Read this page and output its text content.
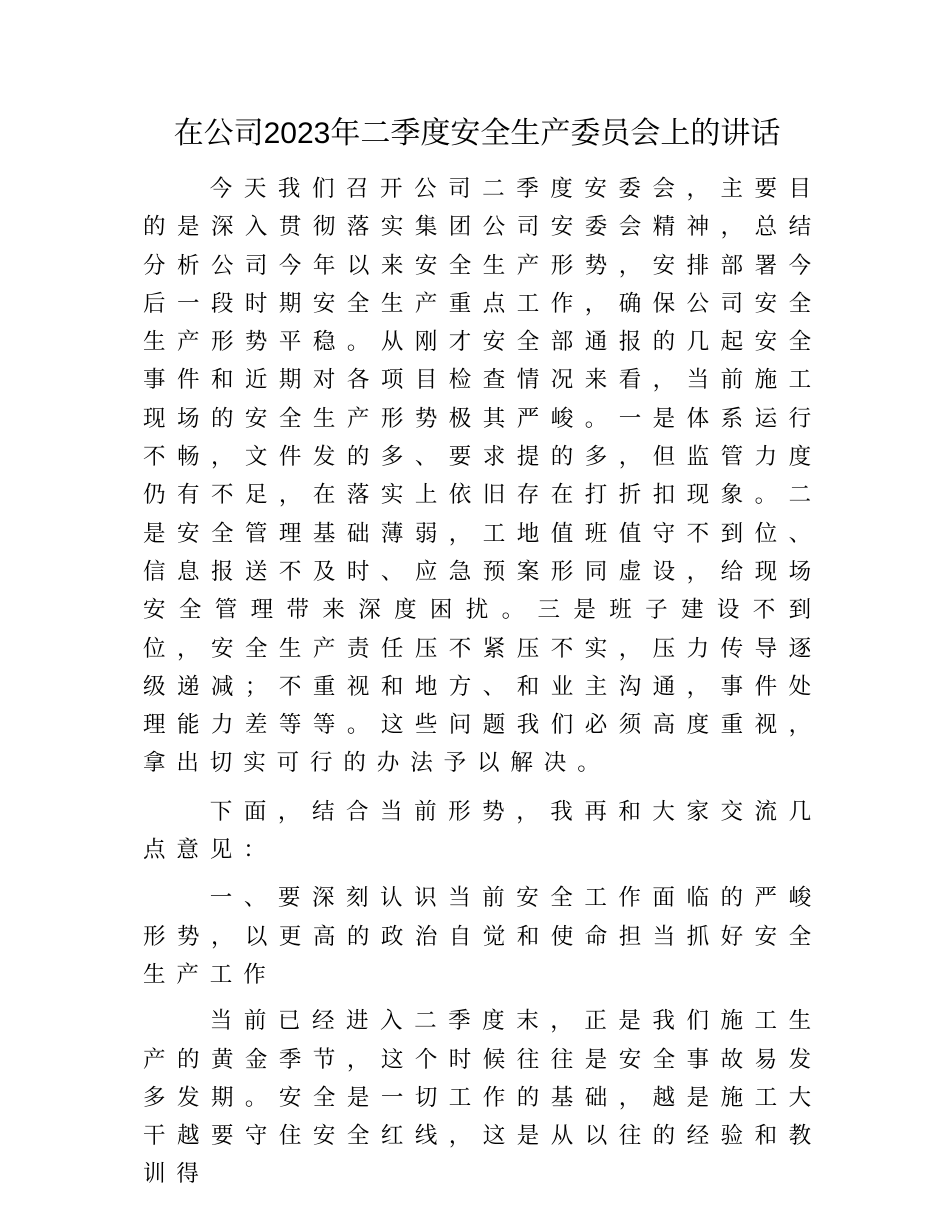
在公司2023年二季度安全生产委员会上的讲话

今天我们召开公司二季度安委会，主要目的是深入贯彻落实集团公司安委会精神，总结分析公司今年以来安全生产形势，安排部署今后一段时期安全生产重点工作，确保公司安全生产形势平稳。从刚才安全部通报的几起安全事件和近期对各项目检查情况来看，当前施工现场的安全生产形势极其严峻。一是体系运行不畅，文件发的多、要求提的多，但监管力度仍有不足，在落实上依旧存在打折扣现象。二是安全管理基础薄弱，工地值班值守不到位、信息报送不及时、应急预案形同虚设，给现场安全管理带来深度困扰。三是班子建设不到位，安全生产责任压不紧压不实，压力传导逐级递减；不重视和地方、和业主沟通，事件处理能力差等等。这些问题我们必须高度重视，拿出切实可行的办法予以解决。

下面，结合当前形势，我再和大家交流几点意见：

一、要深刻认识当前安全工作面临的严峻形势，以更高的政治自觉和使命担当抓好安全生产工作

当前已经进入二季度末，正是我们施工生产的黄金季节，这个时候往往是安全事故易发多发期。安全是一切工作的基础，越是施工大干越要守住安全红线，这是从以往的经验和教训得
